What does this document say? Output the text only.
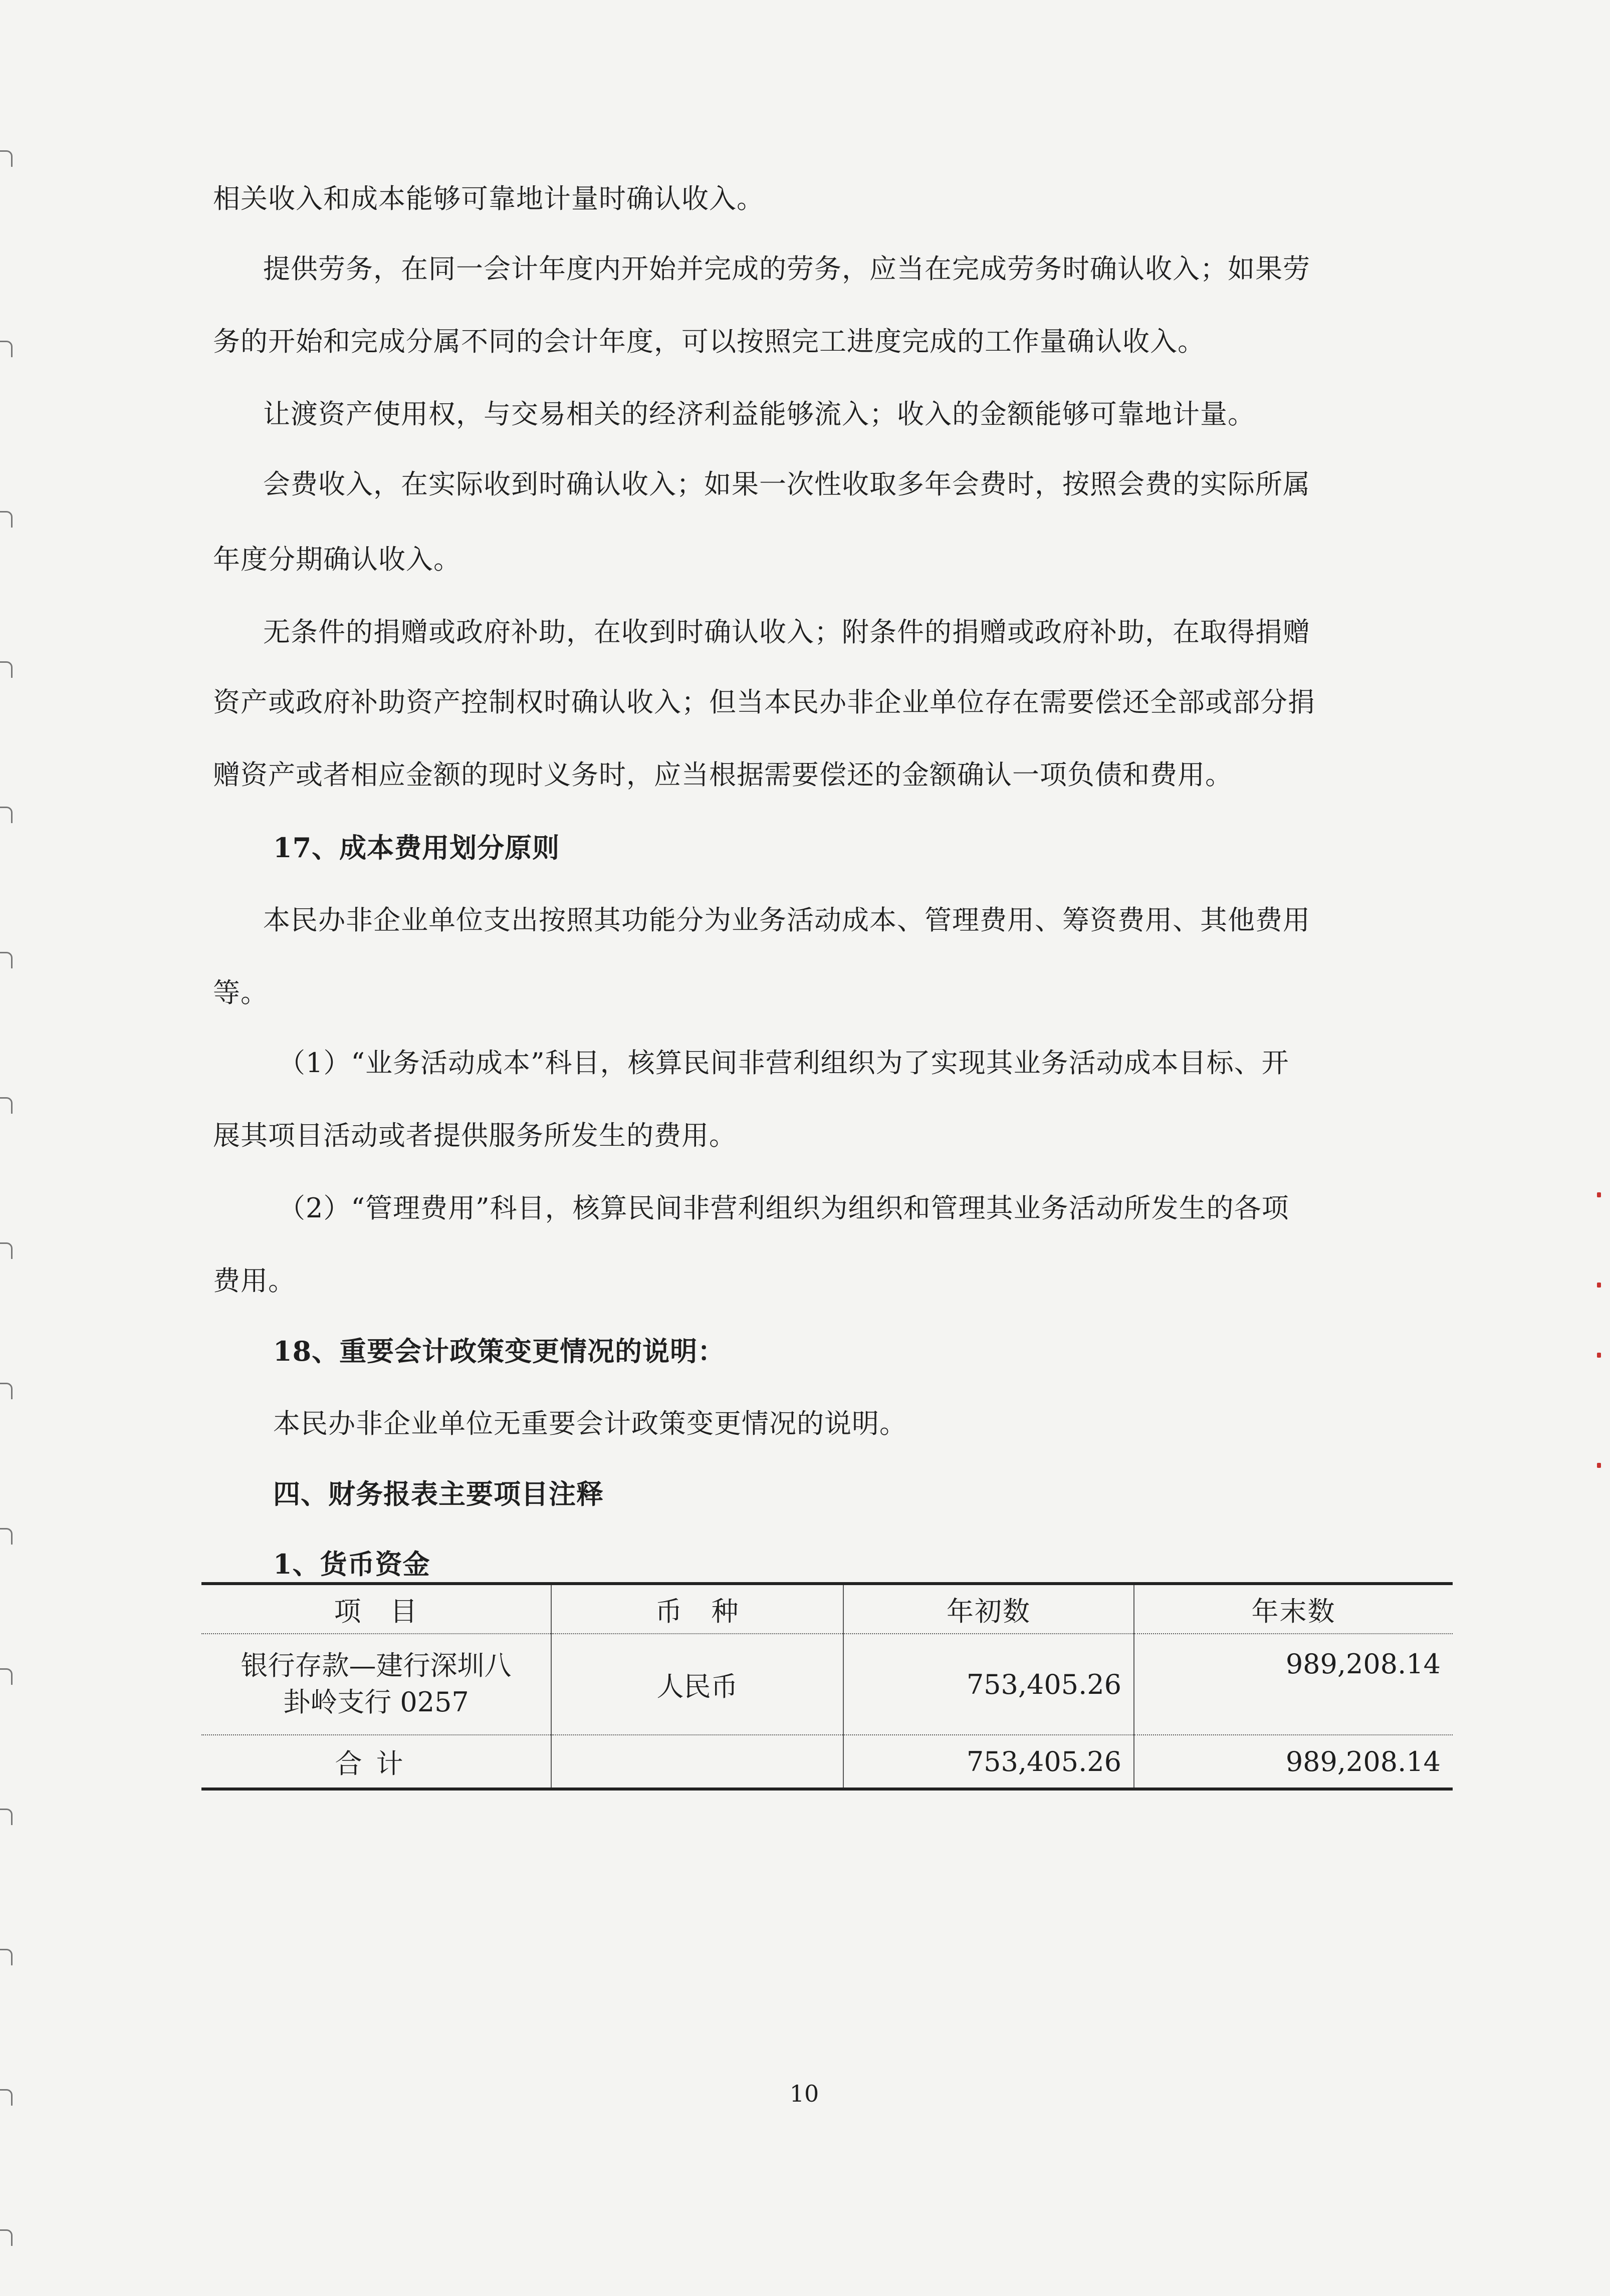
相关收入和成本能够可靠地计量时确认收入。
提供劳务，在同一会计年度内开始并完成的劳务，应当在完成劳务时确认收入；如果劳
务的开始和完成分属不同的会计年度，可以按照完工进度完成的工作量确认收入。
让渡资产使用权，与交易相关的经济利益能够流入；收入的金额能够可靠地计量。
会费收入，在实际收到时确认收入；如果一次性收取多年会费时，按照会费的实际所属
年度分期确认收入。
无条件的捐赠或政府补助，在收到时确认收入；附条件的捐赠或政府补助，在取得捐赠
资产或政府补助资产控制权时确认收入；但当本民办非企业单位存在需要偿还全部或部分捐
赠资产或者相应金额的现时义务时，应当根据需要偿还的金额确认一项负债和费用。
17、成本费用划分原则
本民办非企业单位支出按照其功能分为业务活动成本、管理费用、筹资费用、其他费用
等。
（1）“业务活动成本”科目，核算民间非营利组织为了实现其业务活动成本目标、开
展其项目活动或者提供服务所发生的费用。
（2）“管理费用”科目，核算民间非营利组织为组织和管理其业务活动所发生的各项
费用。
18、重要会计政策变更情况的说明：
本民办非企业单位无重要会计政策变更情况的说明。
四、财务报表主要项目注释
1、货币资金
项　目	币　种	年初数	年末数

银行存款—建行深圳八
卦岭支行 0257	人民币	753,405.26	989,208.14
合计		753,405.26	989,208.14
10
